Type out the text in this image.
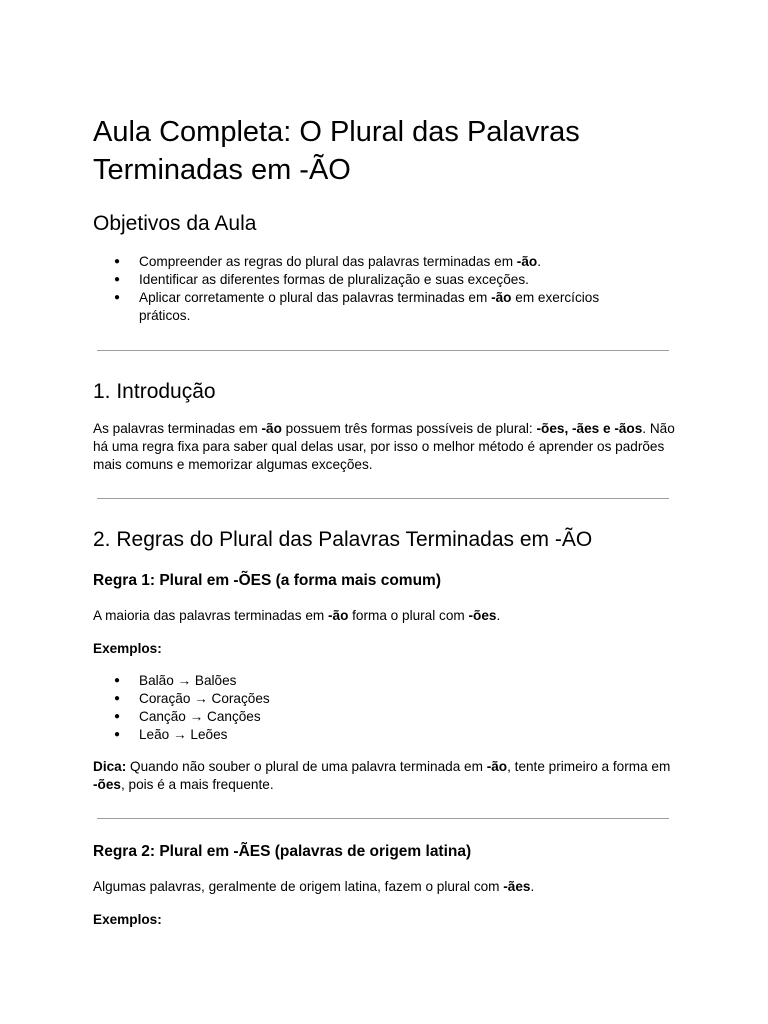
Aula Completa: O Plural das Palavras Terminadas em -ÃO
Objetivos da Aula
● Compreender as regras do plural das palavras terminadas em -ão.
● Identificar as diferentes formas de pluralização e suas exceções.
● Aplicar corretamente o plural das palavras terminadas em -ão em exercícios práticos.
1. Introdução

As palavras terminadas em -ão possuem três formas possíveis de plural: -ões, -ães e -ãos. Não há uma regra fixa para saber qual delas usar, por isso o melhor método é aprender os padrões mais comuns e memorizar algumas exceções.

2. Regras do Plural das Palavras Terminadas em -ÃO
Regra 1: Plural em -ÕES (a forma mais comum)

A maioria das palavras terminadas em -ão forma o plural com -ões.

Exemplos:

● Balão → Balões
● Coração → Corações
● Canção → Canções
● Leão → Leões

Dica: Quando não souber o plural de uma palavra terminada em -ão, tente primeiro a forma em -ões, pois é a mais frequente.

Regra 2: Plural em -ÃES (palavras de origem latina)

Algumas palavras, geralmente de origem latina, fazem o plural com -ães.

Exemplos:
